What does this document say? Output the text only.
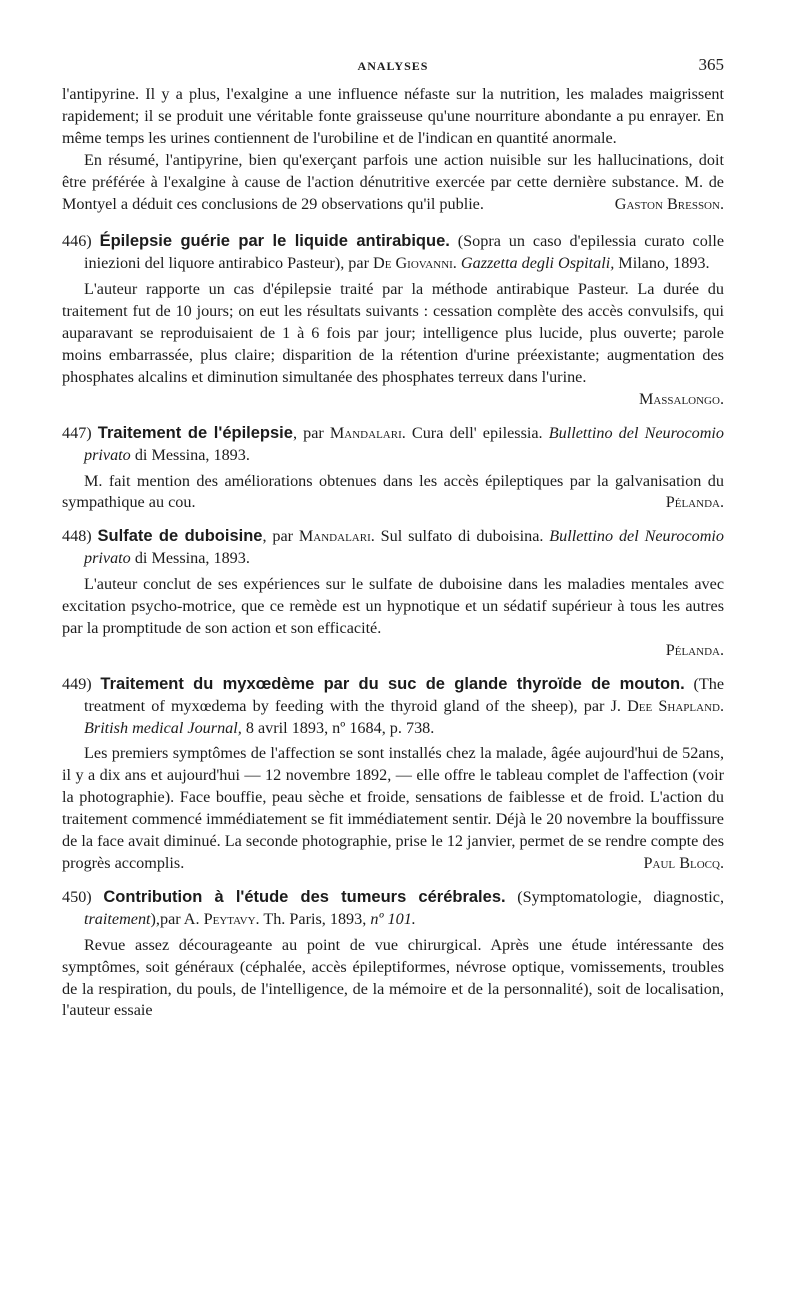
ANALYSES	365

l'antipyrine. Il y a plus, l'exalgine a une influence néfaste sur la nutrition, les malades maigrissent rapidement; il se produit une véritable fonte graisseuse qu'une nourriture abondante a pu enrayer. En même temps les urines contiennent de l'urobiline et de l'indican en quantité anormale.

En résumé, l'antipyrine, bien qu'exerçant parfois une action nuisible sur les hallucinations, doit être préférée à l'exalgine à cause de l'action dénutritive exercée par cette dernière substance. M. de Montyel a déduit ces conclusions de 29 observations qu'il publie.	Gaston Bresson.

446) Épilepsie guérie par le liquide antirabique. (Sopra un caso d'epilessia curato colle iniezioni del liquore antirabico Pasteur), par De Giovanni. Gazzetta degli Ospitali, Milano, 1893.

L'auteur rapporte un cas d'épilepsie traité par la méthode antirabique Pasteur. La durée du traitement fut de 10 jours; on eut les résultats suivants : cessation complète des accès convulsifs, qui auparavant se reproduisaient de 1 à 6 fois par jour; intelligence plus lucide, plus ouverte; parole moins embarrassée, plus claire; disparition de la rétention d'urine préexistante; augmentation des phosphates alcalins et diminution simultanée des phosphates terreux dans l'urine.

Massalongo.

447) Traitement de l'épilepsie, par Mandalari. Cura dell' epilessia. Bullettino del Neurocomio privato di Messina, 1893.

M. fait mention des améliorations obtenues dans les accès épileptiques par la galvanisation du sympathique au cou.	Pélanda.

448) Sulfate de duboisine, par Mandalari. Sul sulfato di duboisina. Bullettino del Neurocomio privato di Messina, 1893.

L'auteur conclut de ses expériences sur le sulfate de duboisine dans les maladies mentales avec excitation psycho-motrice, que ce remède est un hypnotique et un sédatif supérieur à tous les autres par la promptitude de son action et son efficacité.

Pélanda.

449) Traitement du myxœdème par du suc de glande thyroïde de mouton. (The treatment of myxœdema by feeding with the thyroid gland of the sheep), par J. Dee Shapland. British medical Journal, 8 avril 1893, nº 1684, p. 738.

Les premiers symptômes de l'affection se sont installés chez la malade, âgée aujourd'hui de 52ans, il y a dix ans et aujourd'hui — 12 novembre 1892, — elle offre le tableau complet de l'affection (voir la photographie). Face bouffie, peau sèche et froide, sensations de faiblesse et de froid. L'action du traitement commencé immédiatement se fit immédiatement sentir. Déjà le 20 novembre la bouffissure de la face avait diminué. La seconde photographie, prise le 12 janvier, permet de se rendre compte des progrès accomplis.	Paul Blocq.

450) Contribution à l'étude des tumeurs cérébrales. (Symptomatologie, diagnostic, traitement),par A. Peytavy. Th. Paris, 1893, nº 101.

Revue assez décourageante au point de vue chirurgical. Après une étude intéressante des symptômes, soit généraux (céphalée, accès épileptiformes, névrose optique, vomissements, troubles de la respiration, du pouls, de l'intelligence, de la mémoire et de la personnalité), soit de localisation, l'auteur essaie
